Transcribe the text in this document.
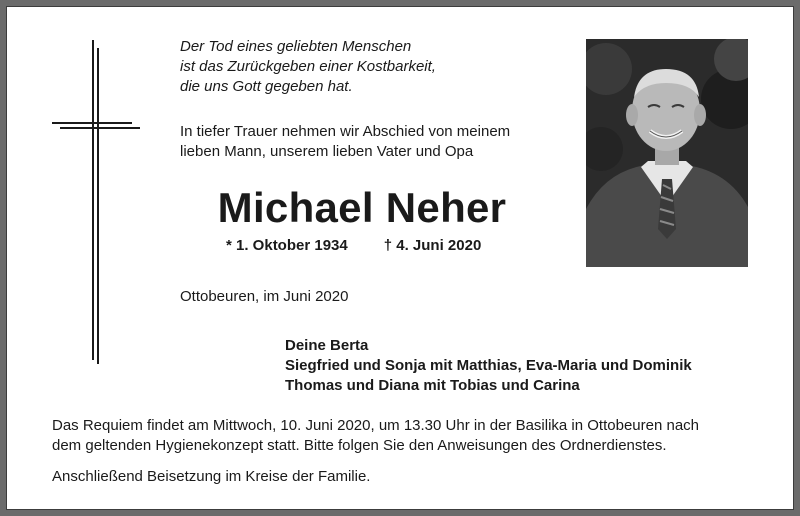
Der Tod eines geliebten Menschen
ist das Zurückgeben einer Kostbarkeit,
die uns Gott gegeben hat.
In tiefer Trauer nehmen wir Abschied von meinem
lieben Mann, unserem lieben Vater und Opa
Michael Neher
* 1. Oktober 1934 † 4. Juni 2020
Ottobeuren, im Juni 2020
Deine Berta
Siegfried und Sonja mit Matthias, Eva-Maria und Dominik
Thomas und Diana mit Tobias und Carina
Das Requiem findet am Mittwoch, 10. Juni 2020, um 13.30 Uhr in der Basilika in Ottobeuren nach
dem geltenden Hygienekonzept statt. Bitte folgen Sie den Anweisungen des Ordnerdienstes.
Anschließend Beisetzung im Kreise der Familie.
